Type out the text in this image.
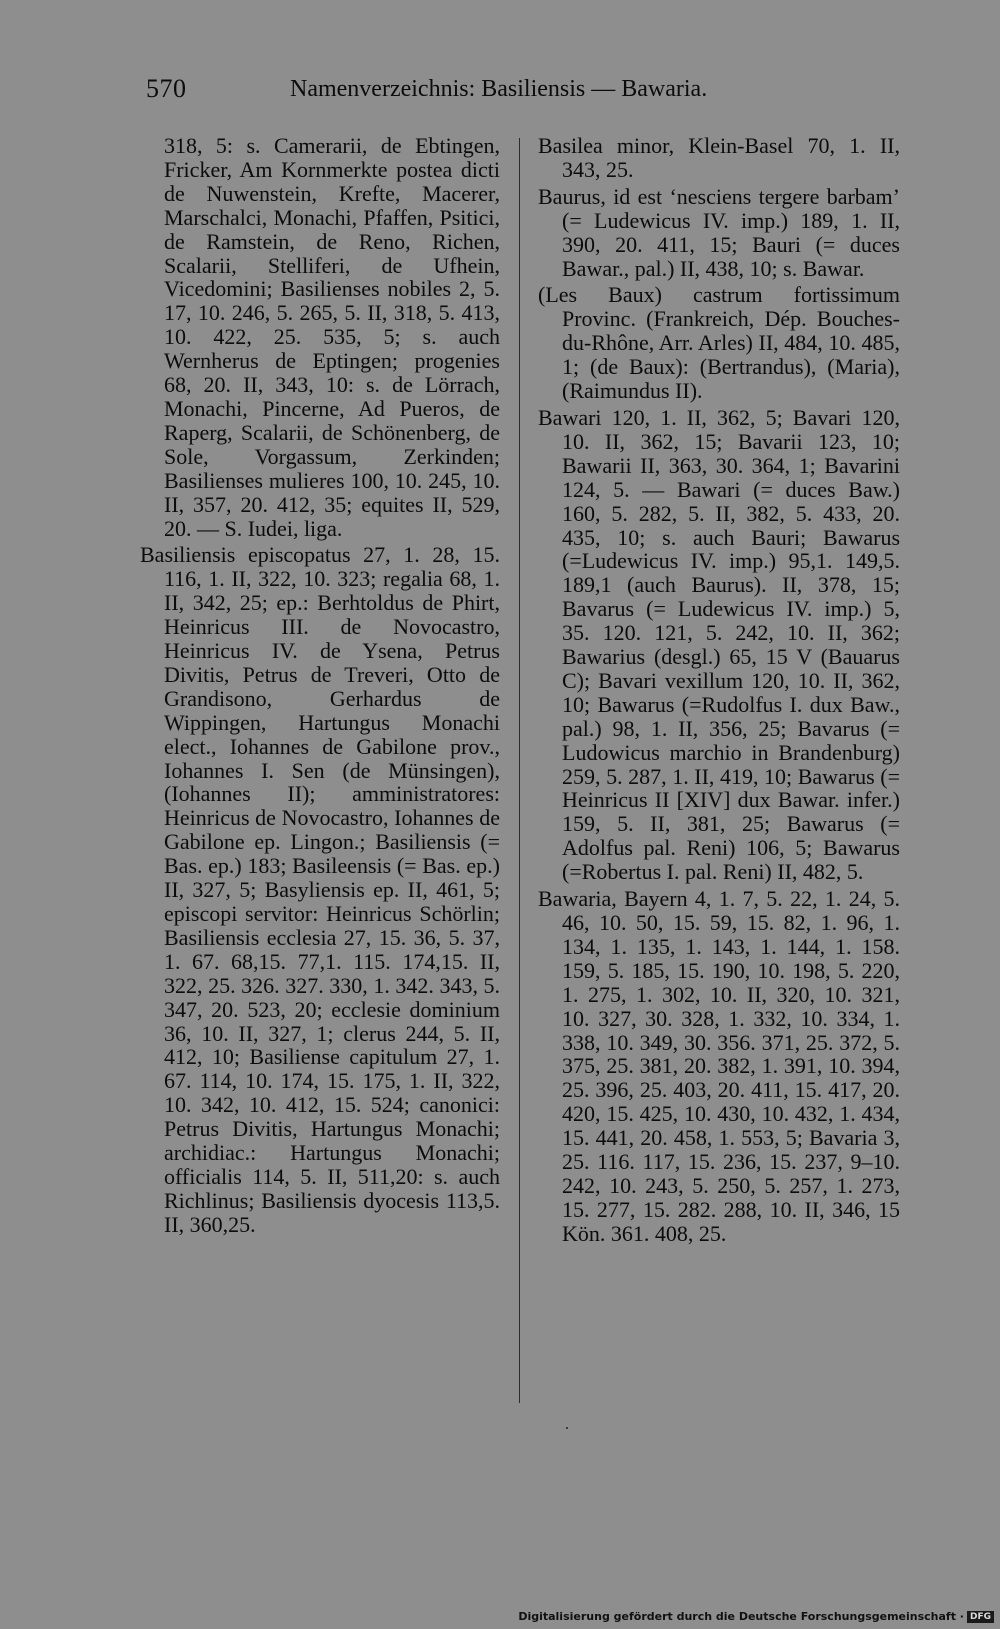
570	Namenverzeichnis: Basiliensis — Bawaria.

318, 5: s. Camerarii, de Ebtingen, Fricker, Am Kornmerkte postea dicti de Nuwenstein, Krefte, Macerer, Marschalci, Monachi, Pfaffen, Psitici, de Ramstein, de Reno, Richen, Scalarii, Stelliferi, de Ufhein, Vicedomini; Basilienses nobiles 2, 5. 17, 10. 246, 5. 265, 5. II, 318, 5. 413, 10. 422, 25. 535, 5; s. auch Wernherus de Eptingen; progenies 68, 20. II, 343, 10: s. de Lörrach, Monachi, Pincerne, Ad Pueros, de Raperg, Scalarii, de Schönenberg, de Sole, Vorgassum, Zerkinden; Basilienses mulieres 100, 10. 245, 10. II, 357, 20. 412, 35; equites II, 529, 20. — S. Iudei, liga.

Basiliensis episcopatus 27, 1. 28, 15. 116, 1. II, 322, 10. 323; regalia 68, 1. II, 342, 25; ep.: Berhtoldus de Phirt, Heinricus III. de Novocastro, Heinricus IV. de Ysena, Petrus Divitis, Petrus de Treveri, Otto de Grandisono, Gerhardus de Wippingen, Hartungus Monachi elect., Iohannes de Gabilone prov., Iohannes I. Sen (de Münsingen), (Iohannes II); amministratores: Heinricus de Novocastro, Iohannes de Gabilone ep. Lingon.; Basiliensis (= Bas. ep.) 183; Basileensis (= Bas. ep.) II, 327, 5; Basyliensis ep. II, 461, 5; episcopi servitor: Heinricus Schörlin; Basiliensis ecclesia 27, 15. 36, 5. 37, 1. 67. 68,15. 77,1. 115. 174,15. II, 322, 25. 326. 327. 330, 1. 342. 343, 5. 347, 20. 523, 20; ecclesie dominium 36, 10. II, 327, 1; clerus 244, 5. II, 412, 10; Basiliense capitulum 27, 1. 67. 114, 10. 174, 15. 175, 1. II, 322, 10. 342, 10. 412, 15. 524; canonici: Petrus Divitis, Hartungus Monachi; archidiac.: Hartungus Monachi; officialis 114, 5. II, 511,20: s. auch Richlinus; Basiliensis dyocesis 113,5. II, 360,25.

Basilea minor, Klein-Basel 70, 1. II, 343, 25.

Baurus, id est ‘nesciens tergere barbam’ (= Ludewicus IV. imp.) 189, 1. II, 390, 20. 411, 15; Bauri (= duces Bawar., pal.) II, 438, 10; s. Bawar.

(Les Baux) castrum fortissimum Provinc. (Frankreich, Dép. Bouches-du-Rhône, Arr. Arles) II, 484, 10. 485, 1; (de Baux): (Bertrandus), (Maria), (Raimundus II).

Bawari 120, 1. II, 362, 5; Bavari 120, 10. II, 362, 15; Bavarii 123, 10; Bawarii II, 363, 30. 364, 1; Bavarini 124, 5. — Bawari (= duces Baw.) 160, 5. 282, 5. II, 382, 5. 433, 20. 435, 10; s. auch Bauri; Bawarus (=Ludewicus IV. imp.) 95,1. 149,5. 189,1 (auch Baurus). II, 378, 15; Bavarus (= Ludewicus IV. imp.) 5, 35. 120. 121, 5. 242, 10. II, 362; Bawarius (desgl.) 65, 15 V (Bauarus C); Bavari vexillum 120, 10. II, 362, 10; Bawarus (=Rudolfus I. dux Baw., pal.) 98, 1. II, 356, 25; Bavarus (= Ludowicus marchio in Brandenburg) 259, 5. 287, 1. II, 419, 10; Bawarus (= Heinricus II [XIV] dux Bawar. infer.) 159, 5. II, 381, 25; Bawarus (= Adolfus pal. Reni) 106, 5; Bawarus (=Robertus I. pal. Reni) II, 482, 5.

Bawaria, Bayern 4, 1. 7, 5. 22, 1. 24, 5. 46, 10. 50, 15. 59, 15. 82, 1. 96, 1. 134, 1. 135, 1. 143, 1. 144, 1. 158. 159, 5. 185, 15. 190, 10. 198, 5. 220, 1. 275, 1. 302, 10. II, 320, 10. 321, 10. 327, 30. 328, 1. 332, 10. 334, 1. 338, 10. 349, 30. 356. 371, 25. 372, 5. 375, 25. 381, 20. 382, 1. 391, 10. 394, 25. 396, 25. 403, 20. 411, 15. 417, 20. 420, 15. 425, 10. 430, 10. 432, 1. 434, 15. 441, 20. 458, 1. 553, 5; Bavaria 3, 25. 116. 117, 15. 236, 15. 237, 9–10. 242, 10. 243, 5. 250, 5. 257, 1. 273, 15. 277, 15. 282. 288, 10. II, 346, 15 Kön. 361. 408, 25.

Digitalisierung gefördert durch die Deutsche Forschungsgemeinschaft · DFG
